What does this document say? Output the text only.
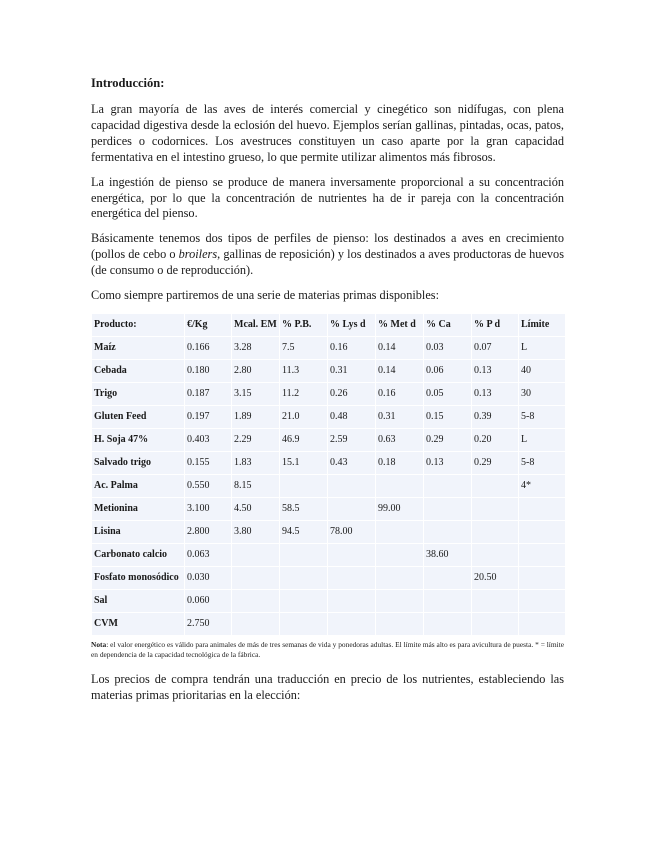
Introducción:

La gran mayoría de las aves de interés comercial y cinegético son nidífugas, con plena capacidad digestiva desde la eclosión del huevo. Ejemplos serían gallinas, pintadas, ocas, patos, perdices o codornices. Los avestruces constituyen un caso aparte por la gran capacidad fermentativa en el intestino grueso, lo que permite utilizar alimentos más fibrosos.

La ingestión de pienso se produce de manera inversamente proporcional a su concentración energética, por lo que la concentración de nutrientes ha de ir pareja con la concentración energética del pienso.

Básicamente tenemos dos tipos de perfiles de pienso: los destinados a aves en crecimiento (pollos de cebo o broilers, gallinas de reposición) y los destinados a aves productoras de huevos (de consumo o de reproducción).

Como siempre partiremos de una serie de materias primas disponibles:

Producto:	€/Kg	Mcal. EM	% P.B.	% Lys d	% Met d	% Ca	% P d	Límite
Maíz	0.166	3.28	7.5	0.16	0.14	0.03	0.07	L
Cebada	0.180	2.80	11.3	0.31	0.14	0.06	0.13	40
Trigo	0.187	3.15	11.2	0.26	0.16	0.05	0.13	30
Gluten Feed	0.197	1.89	21.0	0.48	0.31	0.15	0.39	5-8
H. Soja 47%	0.403	2.29	46.9	2.59	0.63	0.29	0.20	L
Salvado trigo	0.155	1.83	15.1	0.43	0.18	0.13	0.29	5-8
Ac. Palma	0.550	8.15						4*
Metionina	3.100	4.50	58.5		99.00			
Lisina	2.800	3.80	94.5	78.00				
Carbonato calcio	0.063					38.60		
Fosfato monosódico	0.030						20.50	
Sal	0.060							
CVM	2.750							
Nota: el valor energético es válido para animales de más de tres semanas de vida y ponedoras adultas. El límite más alto es para avicultura de puesta. * = límite en dependencia de la capacidad tecnológica de la fábrica.

Los precios de compra tendrán una traducción en precio de los nutrientes, estableciendo las materias primas prioritarias en la elección:
